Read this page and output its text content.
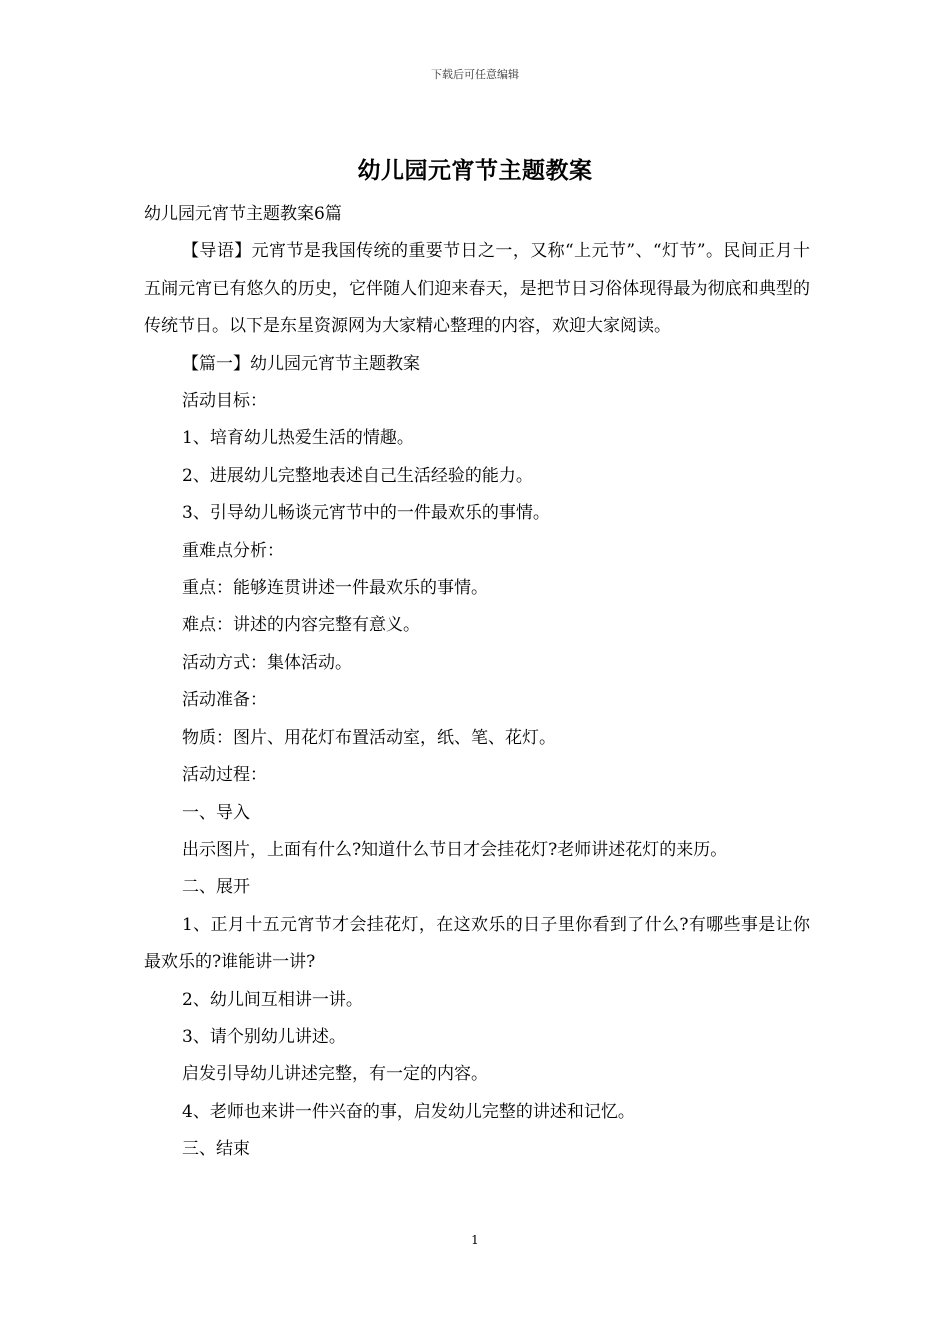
下载后可任意编辑
幼儿园元宵节主题教案

幼儿园元宵节主题教案6篇

【导语】元宵节是我国传统的重要节日之一，又称“上元节”、“灯节”。民间正月十五闹元宵已有悠久的历史，它伴随人们迎来春天，是把节日习俗体现得最为彻底和典型的传统节日。以下是东星资源网为大家精心整理的内容，欢迎大家阅读。

【篇一】幼儿园元宵节主题教案

活动目标：

1、培育幼儿热爱生活的情趣。

2、进展幼儿完整地表述自己生活经验的能力。

3、引导幼儿畅谈元宵节中的一件最欢乐的事情。

重难点分析：

重点：能够连贯讲述一件最欢乐的事情。

难点：讲述的内容完整有意义。

活动方式：集体活动。

活动准备：

物质：图片、用花灯布置活动室，纸、笔、花灯。

活动过程：

一、导入

出示图片，上面有什么?知道什么节日才会挂花灯?老师讲述花灯的来历。

二、展开

1、正月十五元宵节才会挂花灯，在这欢乐的日子里你看到了什么?有哪些事是让你最欢乐的?谁能讲一讲?

2、幼儿间互相讲一讲。

3、请个别幼儿讲述。

启发引导幼儿讲述完整，有一定的内容。

4、老师也来讲一件兴奋的事，启发幼儿完整的讲述和记忆。

三、结束

1
